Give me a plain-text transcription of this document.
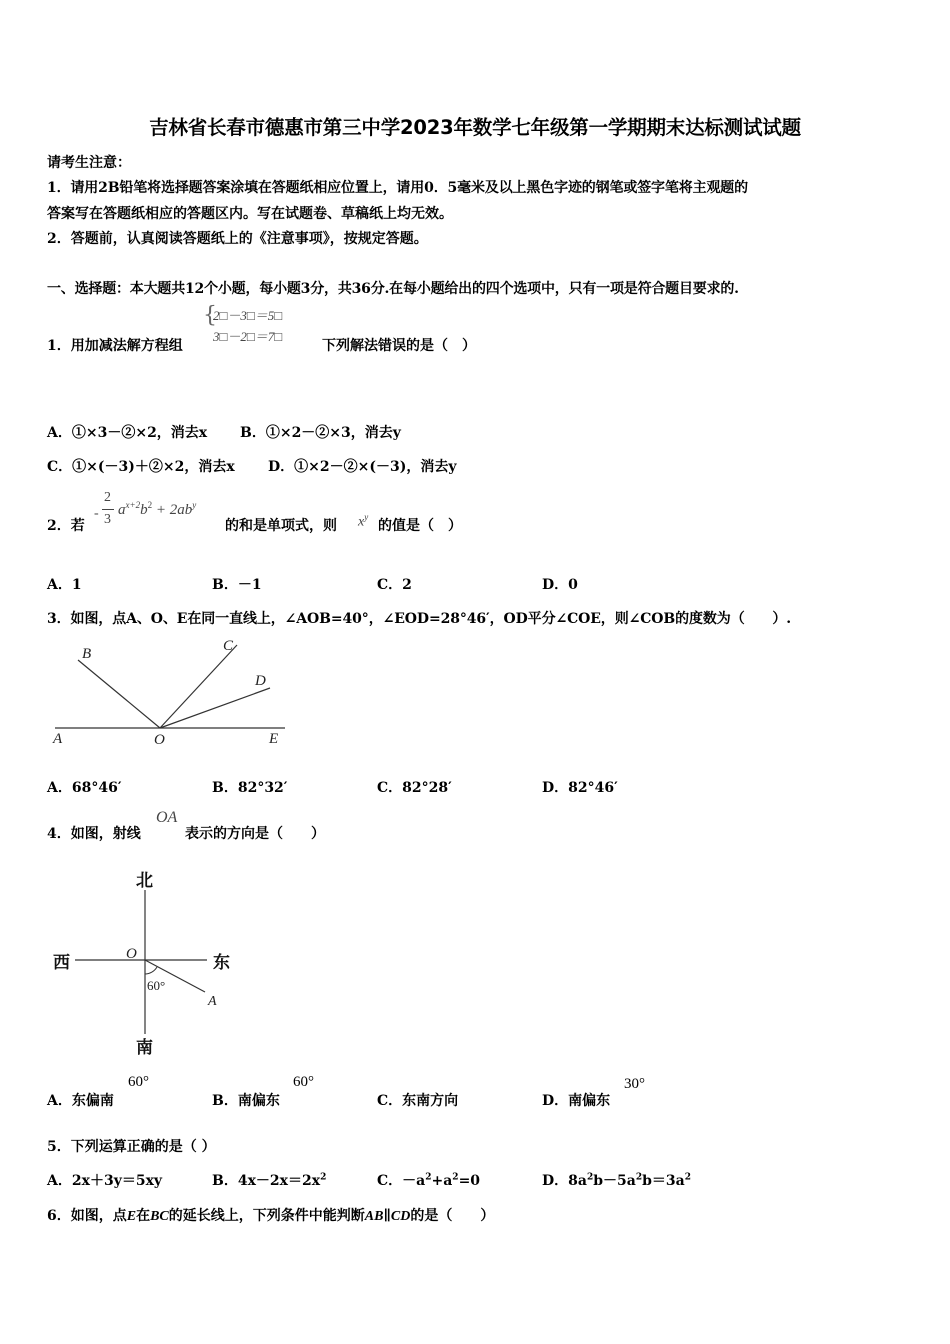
吉林省长春市德惠市第三中学2023年数学七年级第一学期期末达标测试试题
请考生注意：
1．请用2B铅笔将选择题答案涂填在答题纸相应位置上，请用0．5毫米及以上黑色字迹的钢笔或签字笔将主观题的
答案写在答题纸相应的答题区内。写在试题卷、草稿纸上均无效。
2．答题前，认真阅读答题纸上的《注意事项》，按规定答题。
一、选择题：本大题共12个小题，每小题3分，共36分.在每小题给出的四个选项中，只有一项是符合题目要求的.
1．用加减法解方程组
{
2□－3□＝5□
3□－2□＝7□
下列解法错误的是（　）
A．①×3－②×2，消去x B．①×2－②×3，消去y
C．①×(－3)＋②×2，消去x D．①×2－②×(－3)，消去y
2．若
-
2
3
$a^{x+2}b^2 + 2ab^y$
的和是单项式，则 $x^y$
的值是（　）
A．1	B．－1	C．2	D．0
3．如图，点A、O、E在同一直线上，∠AOB=40°，∠EOD=28°46′，OD平分∠COE，则∠COB的度数为（　　）.
A	O	E
B	C
D
A．68°46′	B．82°32′	C．82°28′	D．82°46′
4．如图，射线
OA
表示的方向是（　　）
北
西	东
南
O
A
60°
A．东偏南
60°
B．南偏东
60°
C．东南方向	D．南偏东
30°
5．下列运算正确的是（ ）
A．2x＋3y＝5xy	B．$4x-2x=2x^2$	C．$-a^2+a^2=0$	D．$8a^2b-5a^2b=3a^2$
6．如图，点E在BC的延长线上，下列条件中能判断AB∥CD的是（　　）
